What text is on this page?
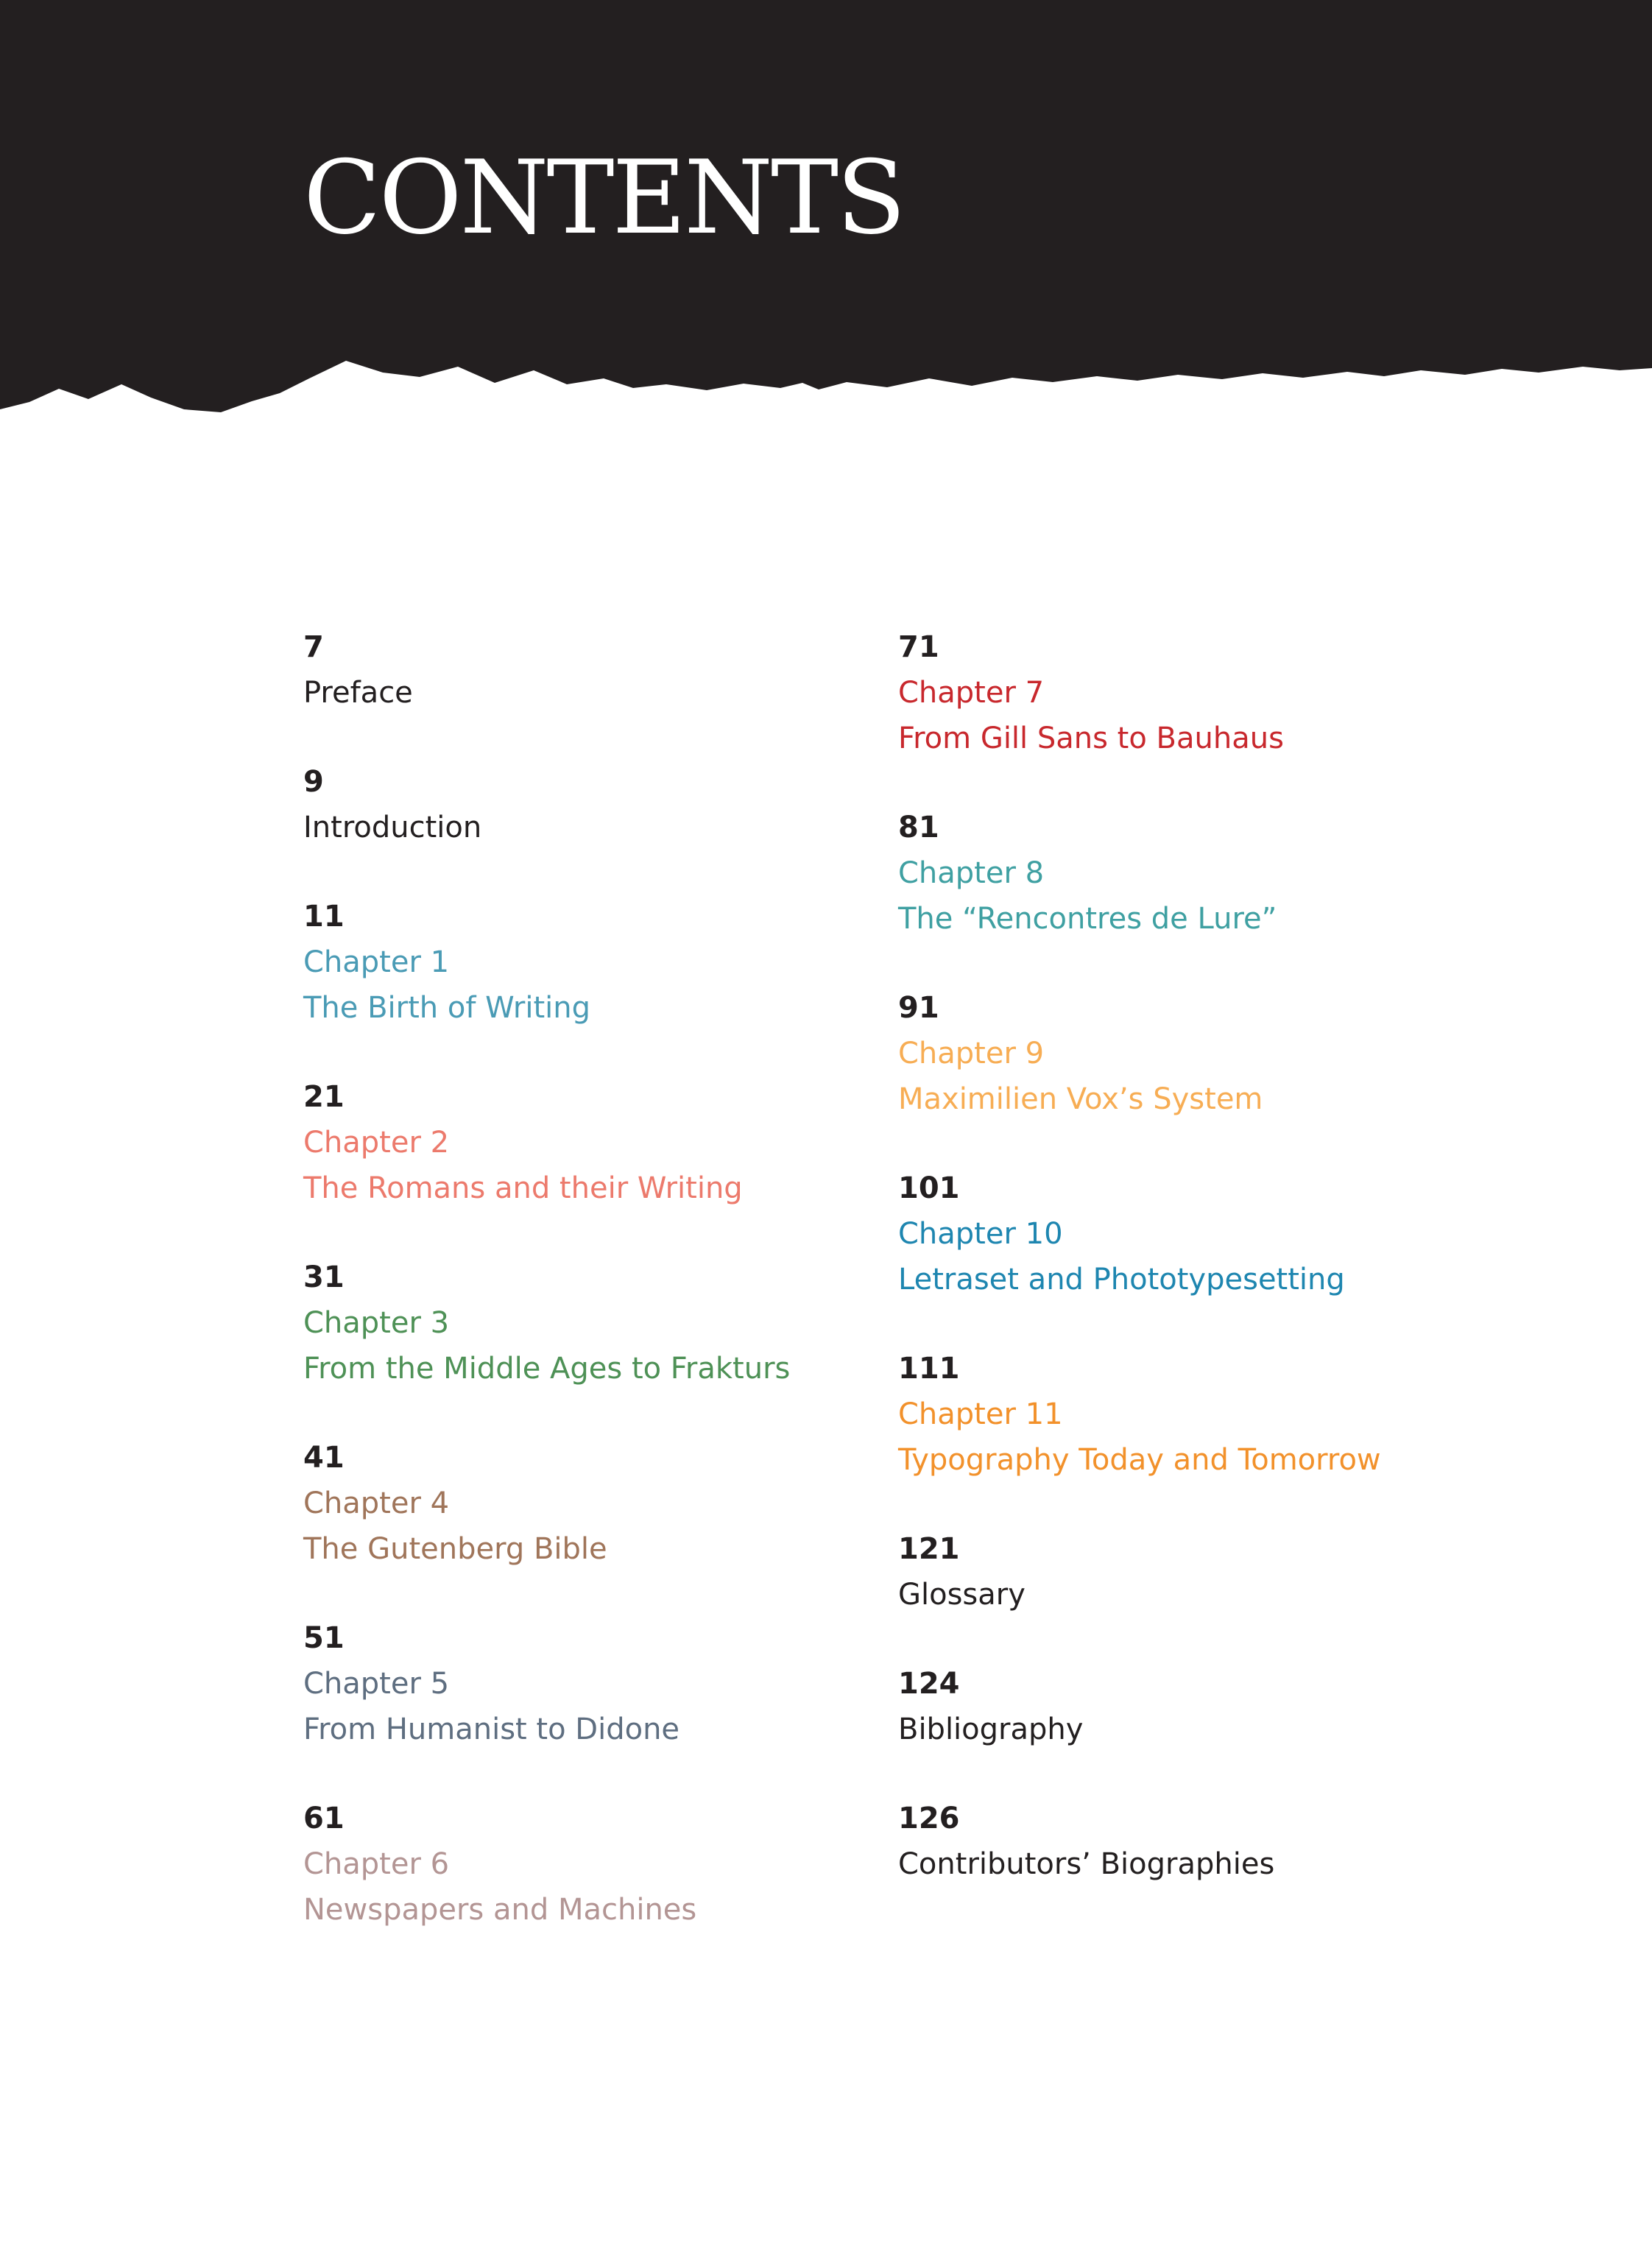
CONTENTS
7
Preface
9
Introduction
11
Chapter 1
The Birth of Writing
21
Chapter 2
The Romans and their Writing
31
Chapter 3
From the Middle Ages to Frakturs
41
Chapter 4
The Gutenberg Bible
51
Chapter 5
From Humanist to Didone
61
Chapter 6
Newspapers and Machines
71
Chapter 7
From Gill Sans to Bauhaus
81
Chapter 8
The “Rencontres de Lure”
91
Chapter 9
Maximilien Vox’s System
101
Chapter 10
Letraset and Phototypesetting
111
Chapter 11
Typography Today and Tomorrow
121
Glossary
124
Bibliography
126
Contributors’ Biographies
